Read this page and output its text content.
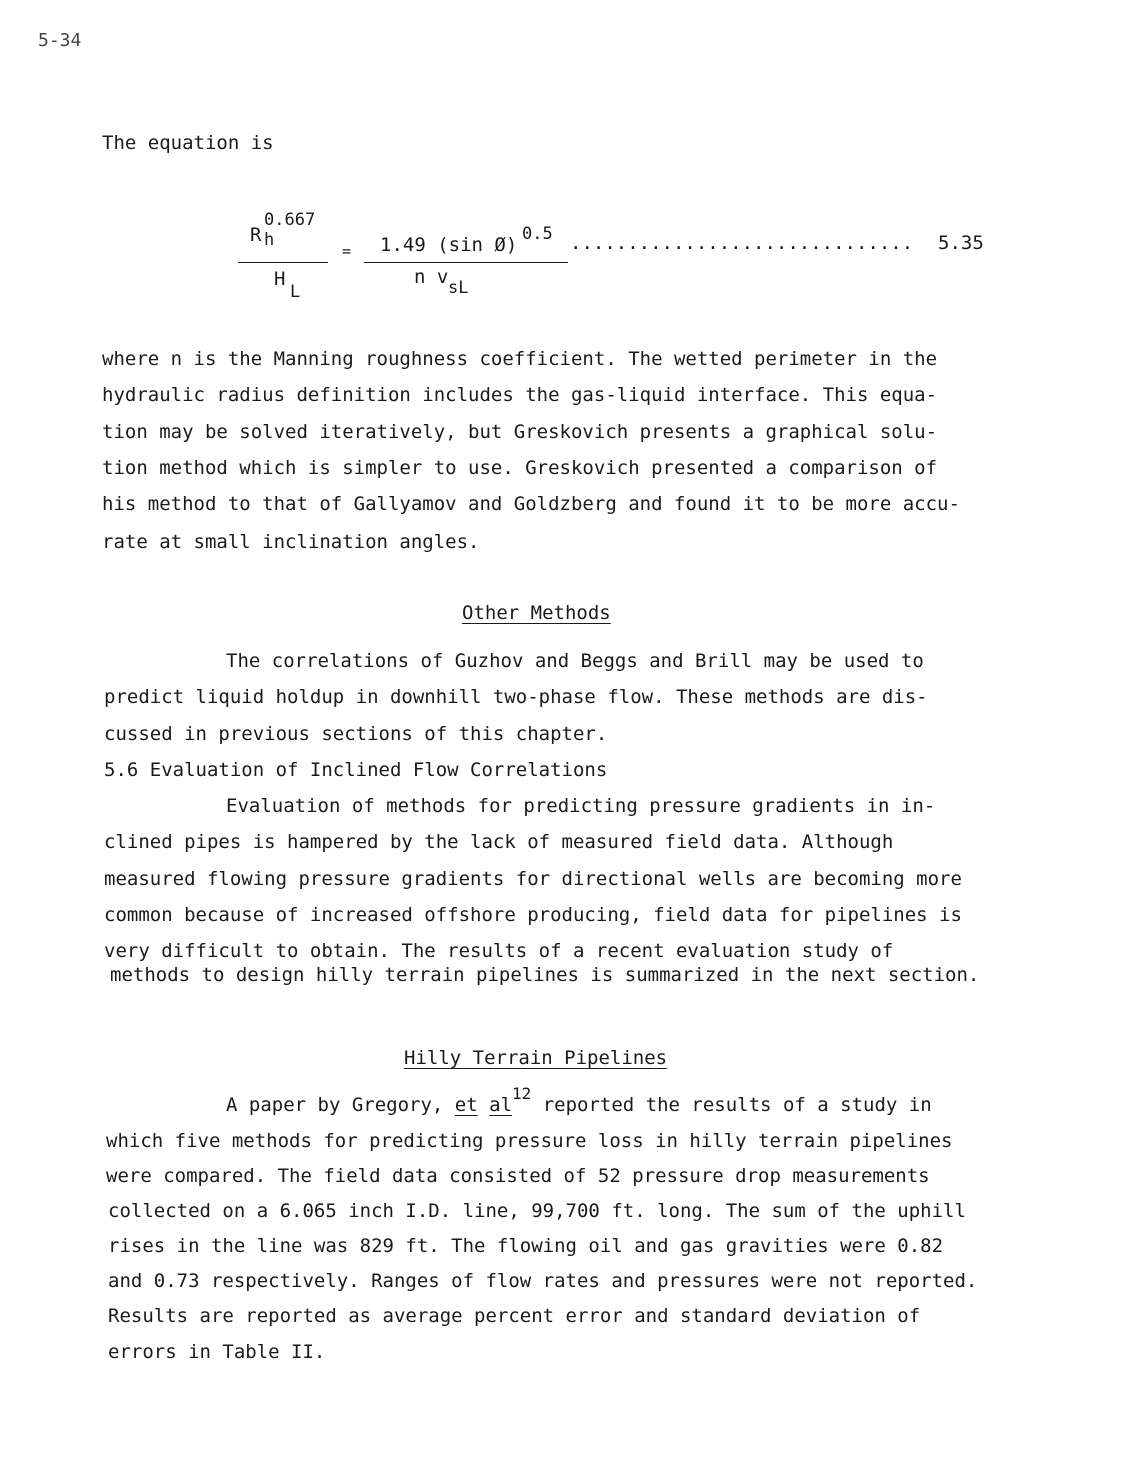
5-34
The equation is
R
0.667
h
H
L
= 1.49 (sin Ø) 0.5
n v sL
.............................. 5.35
where n is the Manning roughness coefficient. The wetted perimeter in the
hydraulic radius definition includes the gas-liquid interface. This equa-
tion may be solved iteratively, but Greskovich presents a graphical solu-
tion method which is simpler to use. Greskovich presented a comparison of
his method to that of Gallyamov and Goldzberg and found it to be more accu-
rate at small inclination angles.
Other Methods
The correlations of Guzhov and Beggs and Brill may be used to
predict liquid holdup in downhill two-phase flow. These methods are dis-
cussed in previous sections of this chapter.
5.6 Evaluation of Inclined Flow Correlations
Evaluation of methods for predicting pressure gradients in in-
clined pipes is hampered by the lack of measured field data. Although
measured flowing pressure gradients for directional wells are becoming more
common because of increased offshore producing, field data for pipelines is
very difficult to obtain. The results of a recent evaluation study of
methods to design hilly terrain pipelines is summarized in the next section.
Hilly Terrain Pipelines
A paper by Gregory, et $al^{12}$ reported the results of a study in
which five methods for predicting pressure loss in hilly terrain pipelines
were compared. The field data consisted of 52 pressure drop measurements
collected on a 6.065 inch I.D. line, 99,700 ft. long. The sum of the uphill
rises in the line was 829 ft. The flowing oil and gas gravities were 0.82
and 0.73 respectively. Ranges of flow rates and pressures were not reported.
Results are reported as average percent error and standard deviation of
errors in Table II.
